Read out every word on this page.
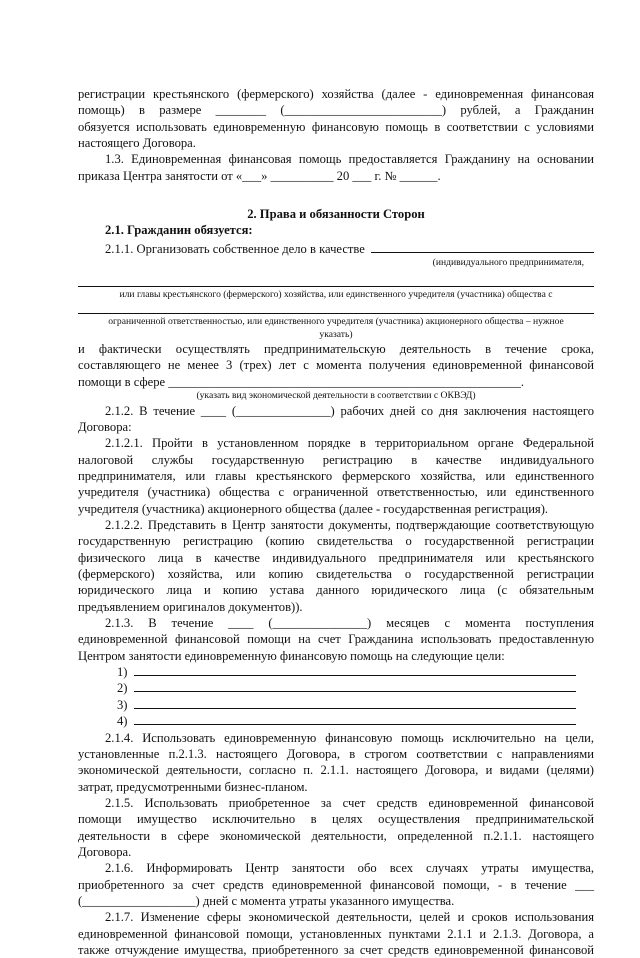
регистрации крестьянского (фермерского) хозяйства (далее - единовременная финансовая

помощь) в размере ________ (_________________________) рублей, а Гражданин

обязуется использовать единовременную финансовую помощь в соответствии с условиями

настоящего Договора.

1.3. Единовременная финансовая помощь предоставляется Гражданину на основании

приказа Центра занятости от «___» __________ 20 ___ г. № ______.

2. Права и обязанности Сторон

2.1. Гражданин обязуется:

2.1.1. Организовать собственное дело в качестве

(индивидуального предпринимателя,

или главы крестьянского (фермерского) хозяйства, или единственного учредителя (участника) общества с

ограниченной ответственностью, или единственного учредителя (участника) акционерного общества – нужное

указать)

и фактически осуществлять предпринимательскую деятельность в течение срока,

составляющего не менее 3 (трех) лет с момента получения единовременной финансовой

помощи в сфере ________________________________________________________.

(указать вид экономической деятельности в соответствии с ОКВЭД)

2.1.2. В течение ____ (_______________) рабочих дней со дня заключения настоящего

Договора:

2.1.2.1. Пройти в установленном порядке в территориальном органе Федеральной

налоговой службы государственную регистрацию в качестве индивидуального

предпринимателя, или главы крестьянского фермерского хозяйства, или единственного

учредителя (участника) общества с ограниченной ответственностью, или единственного

учредителя (участника) акционерного общества (далее - государственная регистрация).

2.1.2.2. Представить в Центр занятости документы, подтверждающие соответствующую

государственную регистрацию (копию свидетельства о государственной регистрации

физического лица в качестве индивидуального предпринимателя или крестьянского

(фермерского) хозяйства, или копию свидетельства о государственной регистрации

юридического лица и копию устава данного юридического лица (с обязательным

предъявлением оригиналов документов)).

2.1.3. В течение ____ (_______________) месяцев с момента поступления

единовременной финансовой помощи на счет Гражданина использовать предоставленную

Центром занятости единовременную финансовую помощь на следующие цели:

1)
2)
3)
4)

2.1.4. Использовать единовременную финансовую помощь исключительно на цели,

установленные п.2.1.3. настоящего Договора, в строгом соответствии с направлениями

экономической деятельности, согласно п. 2.1.1. настоящего Договора, и видами (целями)

затрат, предусмотренными бизнес-планом.

2.1.5. Использовать приобретенное за счет средств единовременной финансовой

помощи имущество исключительно в целях осуществления предпринимательской

деятельности в сфере экономической деятельности, определенной п.2.1.1. настоящего

Договора.

2.1.6. Информировать Центр занятости обо всех случаях утраты имущества,

приобретенного за счет средств единовременной финансовой помощи, - в течение ___

(__________________) дней с момента утраты указанного имущества.

2.1.7. Изменение сферы экономической деятельности, целей и сроков использования

единовременной финансовой помощи, установленных пунктами 2.1.1 и 2.1.3. Договора, а

также отчуждение имущества, приобретенного за счет средств единовременной финансовой
